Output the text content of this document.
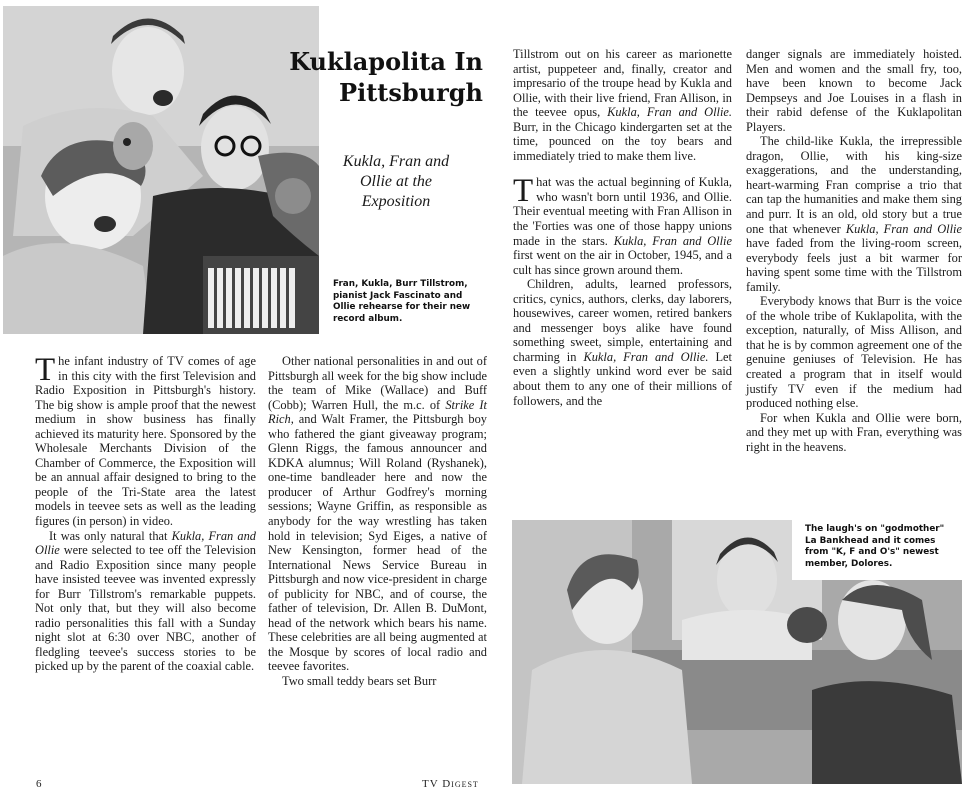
Kuklapolita In
Pittsburgh
Kukla, Fran and
Ollie at the
Exposition

Fran, Kukla, Burr Tillstrom,
pianist Jack Fascinato and
Ollie rehearse for their new
record album.

The infant industry of TV comes of age in this city with the first Television and Radio Exposition in Pittsburgh's history. The big show is ample proof that the newest medium in show business has finally achieved its maturity here. Sponsored by the Wholesale Merchants Division of the Chamber of Commerce, the Exposition will be an annual affair designed to bring to the people of the Tri-State area the latest models in teevee sets as well as the leading figures (in person) in video.

It was only natural that Kukla, Fran and Ollie were selected to tee off the Television and Radio Exposition since many people have insisted teevee was invented expressly for Burr Tillstrom's remarkable puppets. Not only that, but they will also become radio personalities this fall with a Sunday night slot at 6:30 over NBC, another of fledgling teevee's success stories to be picked up by the parent of the coaxial cable.

Other national personalities in and out of Pittsburgh all week for the big show include the team of Mike (Wallace) and Buff (Cobb); Warren Hull, the m.c. of Strike It Rich, and Walt Framer, the Pittsburgh boy who fathered the giant giveaway program; Glenn Riggs, the famous announcer and KDKA alumnus; Will Roland (Ryshanek), one-time bandleader here and now the producer of Arthur Godfrey's morning sessions; Wayne Griffin, as responsible as anybody for the way wrestling has taken hold in television; Syd Eiges, a native of New Kensington, former head of the International News Service Bureau in Pittsburgh and now vice-president in charge of publicity for NBC, and of course, the father of television, Dr. Allen B. DuMont, head of the network which bears his name. These celebrities are all being augmented at the Mosque by scores of local radio and teevee favorites.

Two small teddy bears set Burr

Tillstrom out on his career as marionette artist, puppeteer and, finally, creator and impresario of the troupe head by Kukla and Ollie, with their live friend, Fran Allison, in the teevee opus, Kukla, Fran and Ollie. Burr, in the Chicago kindergarten set at the time, pounced on the toy bears and immediately tried to make them live.

That was the actual beginning of Kukla, who wasn't born until 1936, and Ollie. Their eventual meeting with Fran Allison in the 'Forties was one of those happy unions made in the stars. Kukla, Fran and Ollie first went on the air in October, 1945, and a cult has since grown around them.

Children, adults, learned professors, critics, cynics, authors, clerks, day laborers, housewives, career women, retired bankers and messenger boys alike have found something sweet, simple, entertaining and charming in Kukla, Fran and Ollie. Let even a slightly unkind word ever be said about them to any one of their millions of followers, and the

danger signals are immediately hoisted. Men and women and the small fry, too, have been known to become Jack Dempseys and Joe Louises in a flash in their rabid defense of the Kuklapolitan Players.

The child-like Kukla, the irrepressible dragon, Ollie, with his king-size exaggerations, and the understanding, heart-warming Fran comprise a trio that can tap the humanities and make them sing and purr. It is an old, old story but a true one that whenever Kukla, Fran and Ollie have faded from the living-room screen, everybody feels just a bit warmer for having spent some time with the Tillstrom family.

Everybody knows that Burr is the voice of the whole tribe of Kuklapolita, with the exception, naturally, of Miss Allison, and that he is by common agreement one of the genuine geniuses of Television. He has created a program that in itself would justify TV even if the medium had produced nothing else.

For when Kukla and Ollie were born, and they met up with Fran, everything was right in the heavens.

The laugh's on "godmother"
La Bankhead and it comes
from "K, F and O's" newest
member, Dolores.

6	TV Digest
